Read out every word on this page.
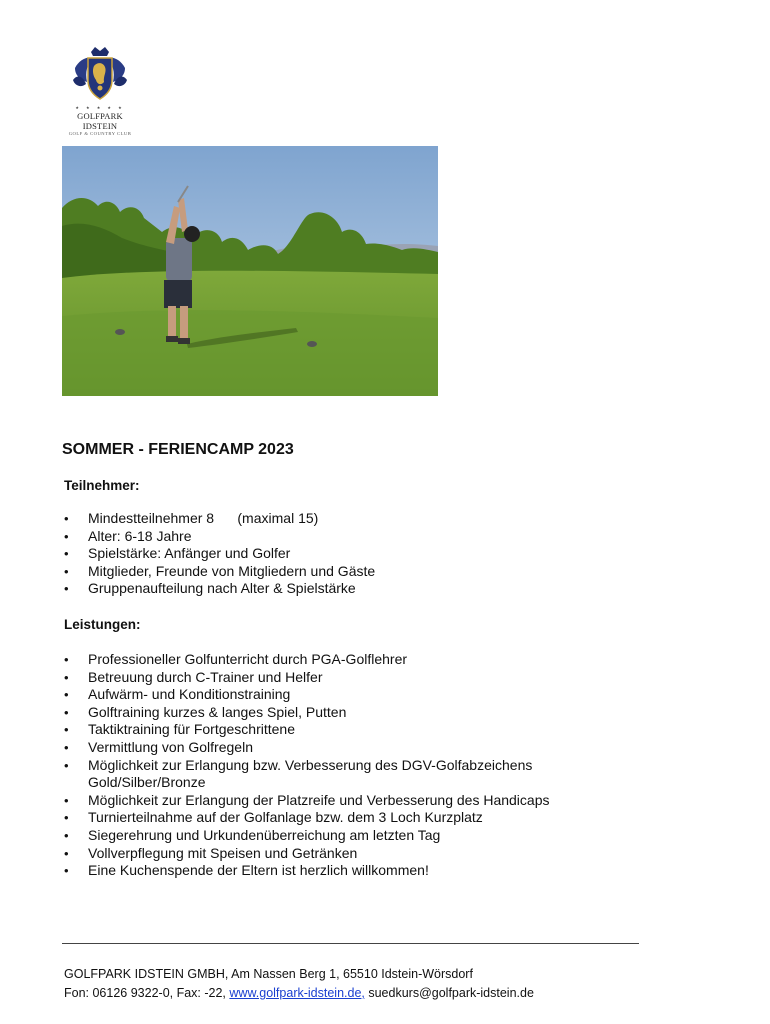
★ ★ ★ ★ ★
GOLFPARK IDSTEIN
GOLF & COUNTRY CLUB
SOMMER - FERIENCAMP 2023
Teilnehmer:
• Mindestteilnehmer 8      (maximal 15)
• Alter: 6-18 Jahre
• Spielstärke: Anfänger und Golfer
• Mitglieder, Freunde von Mitgliedern und Gäste
• Gruppenaufteilung nach Alter & Spielstärke
Leistungen:
• Professioneller Golfunterricht durch PGA-Golflehrer
• Betreuung durch C-Trainer und Helfer
• Aufwärm- und Konditionstraining
• Golftraining kurzes & langes Spiel, Putten
• Taktiktraining für Fortgeschrittene
• Vermittlung von Golfregeln
• Möglichkeit zur Erlangung bzw. Verbesserung des DGV-Golfabzeichens Gold/Silber/Bronze
• Möglichkeit zur Erlangung der Platzreife und Verbesserung des Handicaps
• Turnierteilnahme auf der Golfanlage bzw. dem 3 Loch Kurzplatz
• Siegerehrung und Urkundenüberreichung am letzten Tag
• Vollverpflegung mit Speisen und Getränken
• Eine Kuchenspende der Eltern ist herzlich willkommen!
GOLFPARK IDSTEIN GMBH, Am Nassen Berg 1, 65510 Idstein-Wörsdorf
Fon: 06126 9322-0, Fax: -22, www.golfpark-idstein.de, suedkurs@golfpark-idstein.de
